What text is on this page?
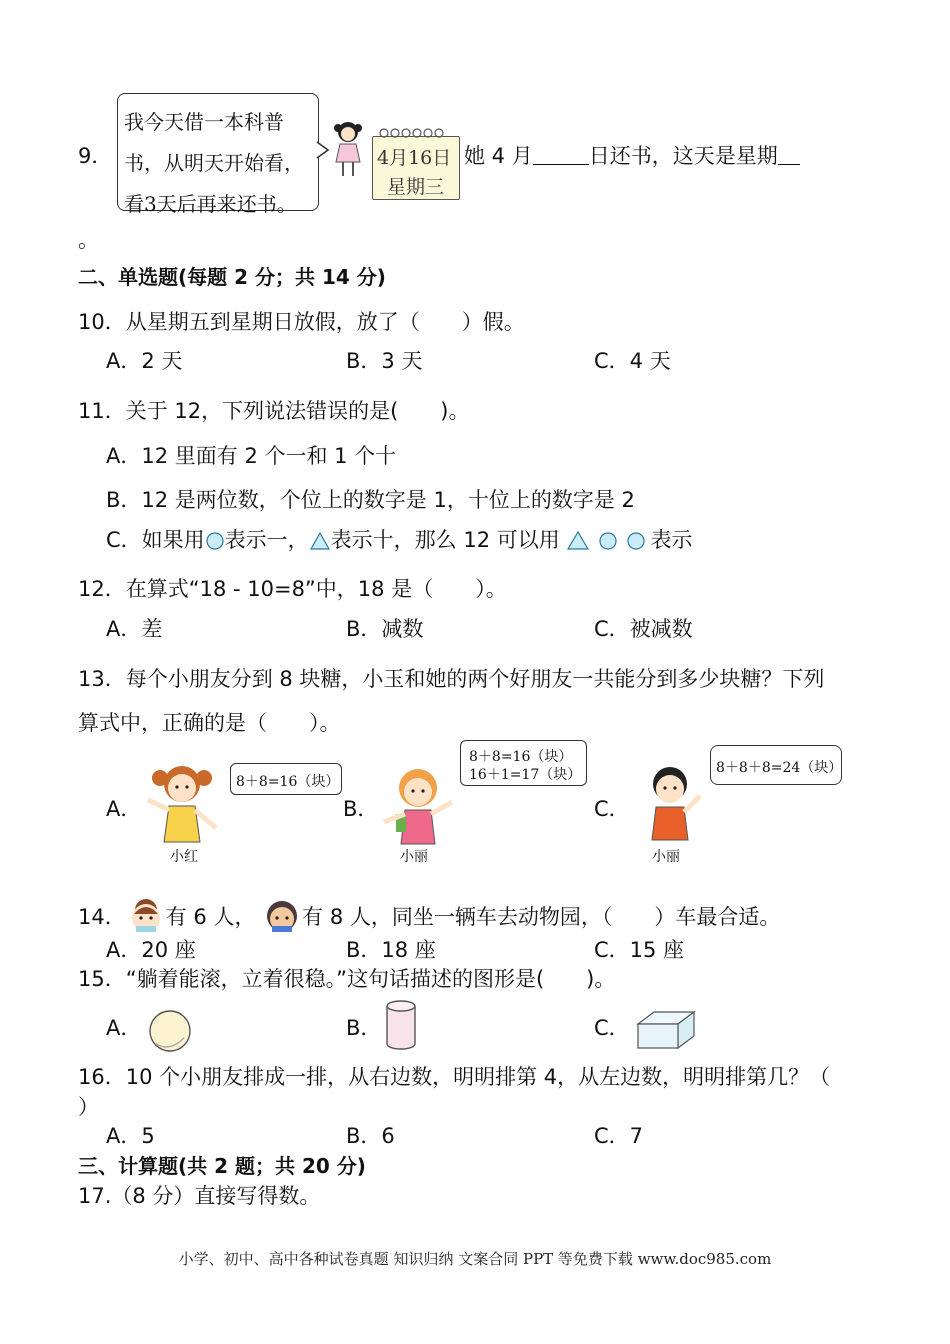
9．
我今天借一本科普
书，从明天开始看，
看3天后再来还书。
4月16日
星期三
她 4 月	日还书，这天是星期
。
二、单选题(每题 2 分；共 14 分)
10．从星期五到星期日放假，放了（　　）假。
A．2 天	B．3 天	C．4 天
11．关于 12，下列说法错误的是(　　)。
A．12 里面有 2 个一和 1 个十
B．12 是两位数，个位上的数字是 1，十位上的数字是 2
C．如果用 表示一， 表示十，那么 12 可以用	表示
12．在算式“18 - 10=8”中，18 是（　　）。
A．差	B．减数	C．被减数
13．每个小朋友分到 8 块糖，小玉和她的两个好朋友一共能分到多少块糖？下列
算式中，正确的是（　　）。
A．
8＋8=16（块）
小红
B．
8＋8=16（块）
16＋1=17（块）
小丽
C．
8＋8＋8=24（块）
小丽
14． 有 6 人， 有 8 人，同坐一辆车去动物园，（　　）车最合适。
A．20 座	B．18 座	C．15 座
15．“躺着能滚，立着很稳。”这句话描述的图形是(　　)。
A．	B．	C．
16．10 个小朋友排成一排，从右边数，明明排第 4，从左边数，明明排第几？（
）
A．5	B．6	C．7
三、计算题(共 2 题；共 20 分)
17.（8 分）直接写得数。
小学、初中、高中各种试卷真题 知识归纳 文案合同 PPT 等免费下载 www.doc985.com
